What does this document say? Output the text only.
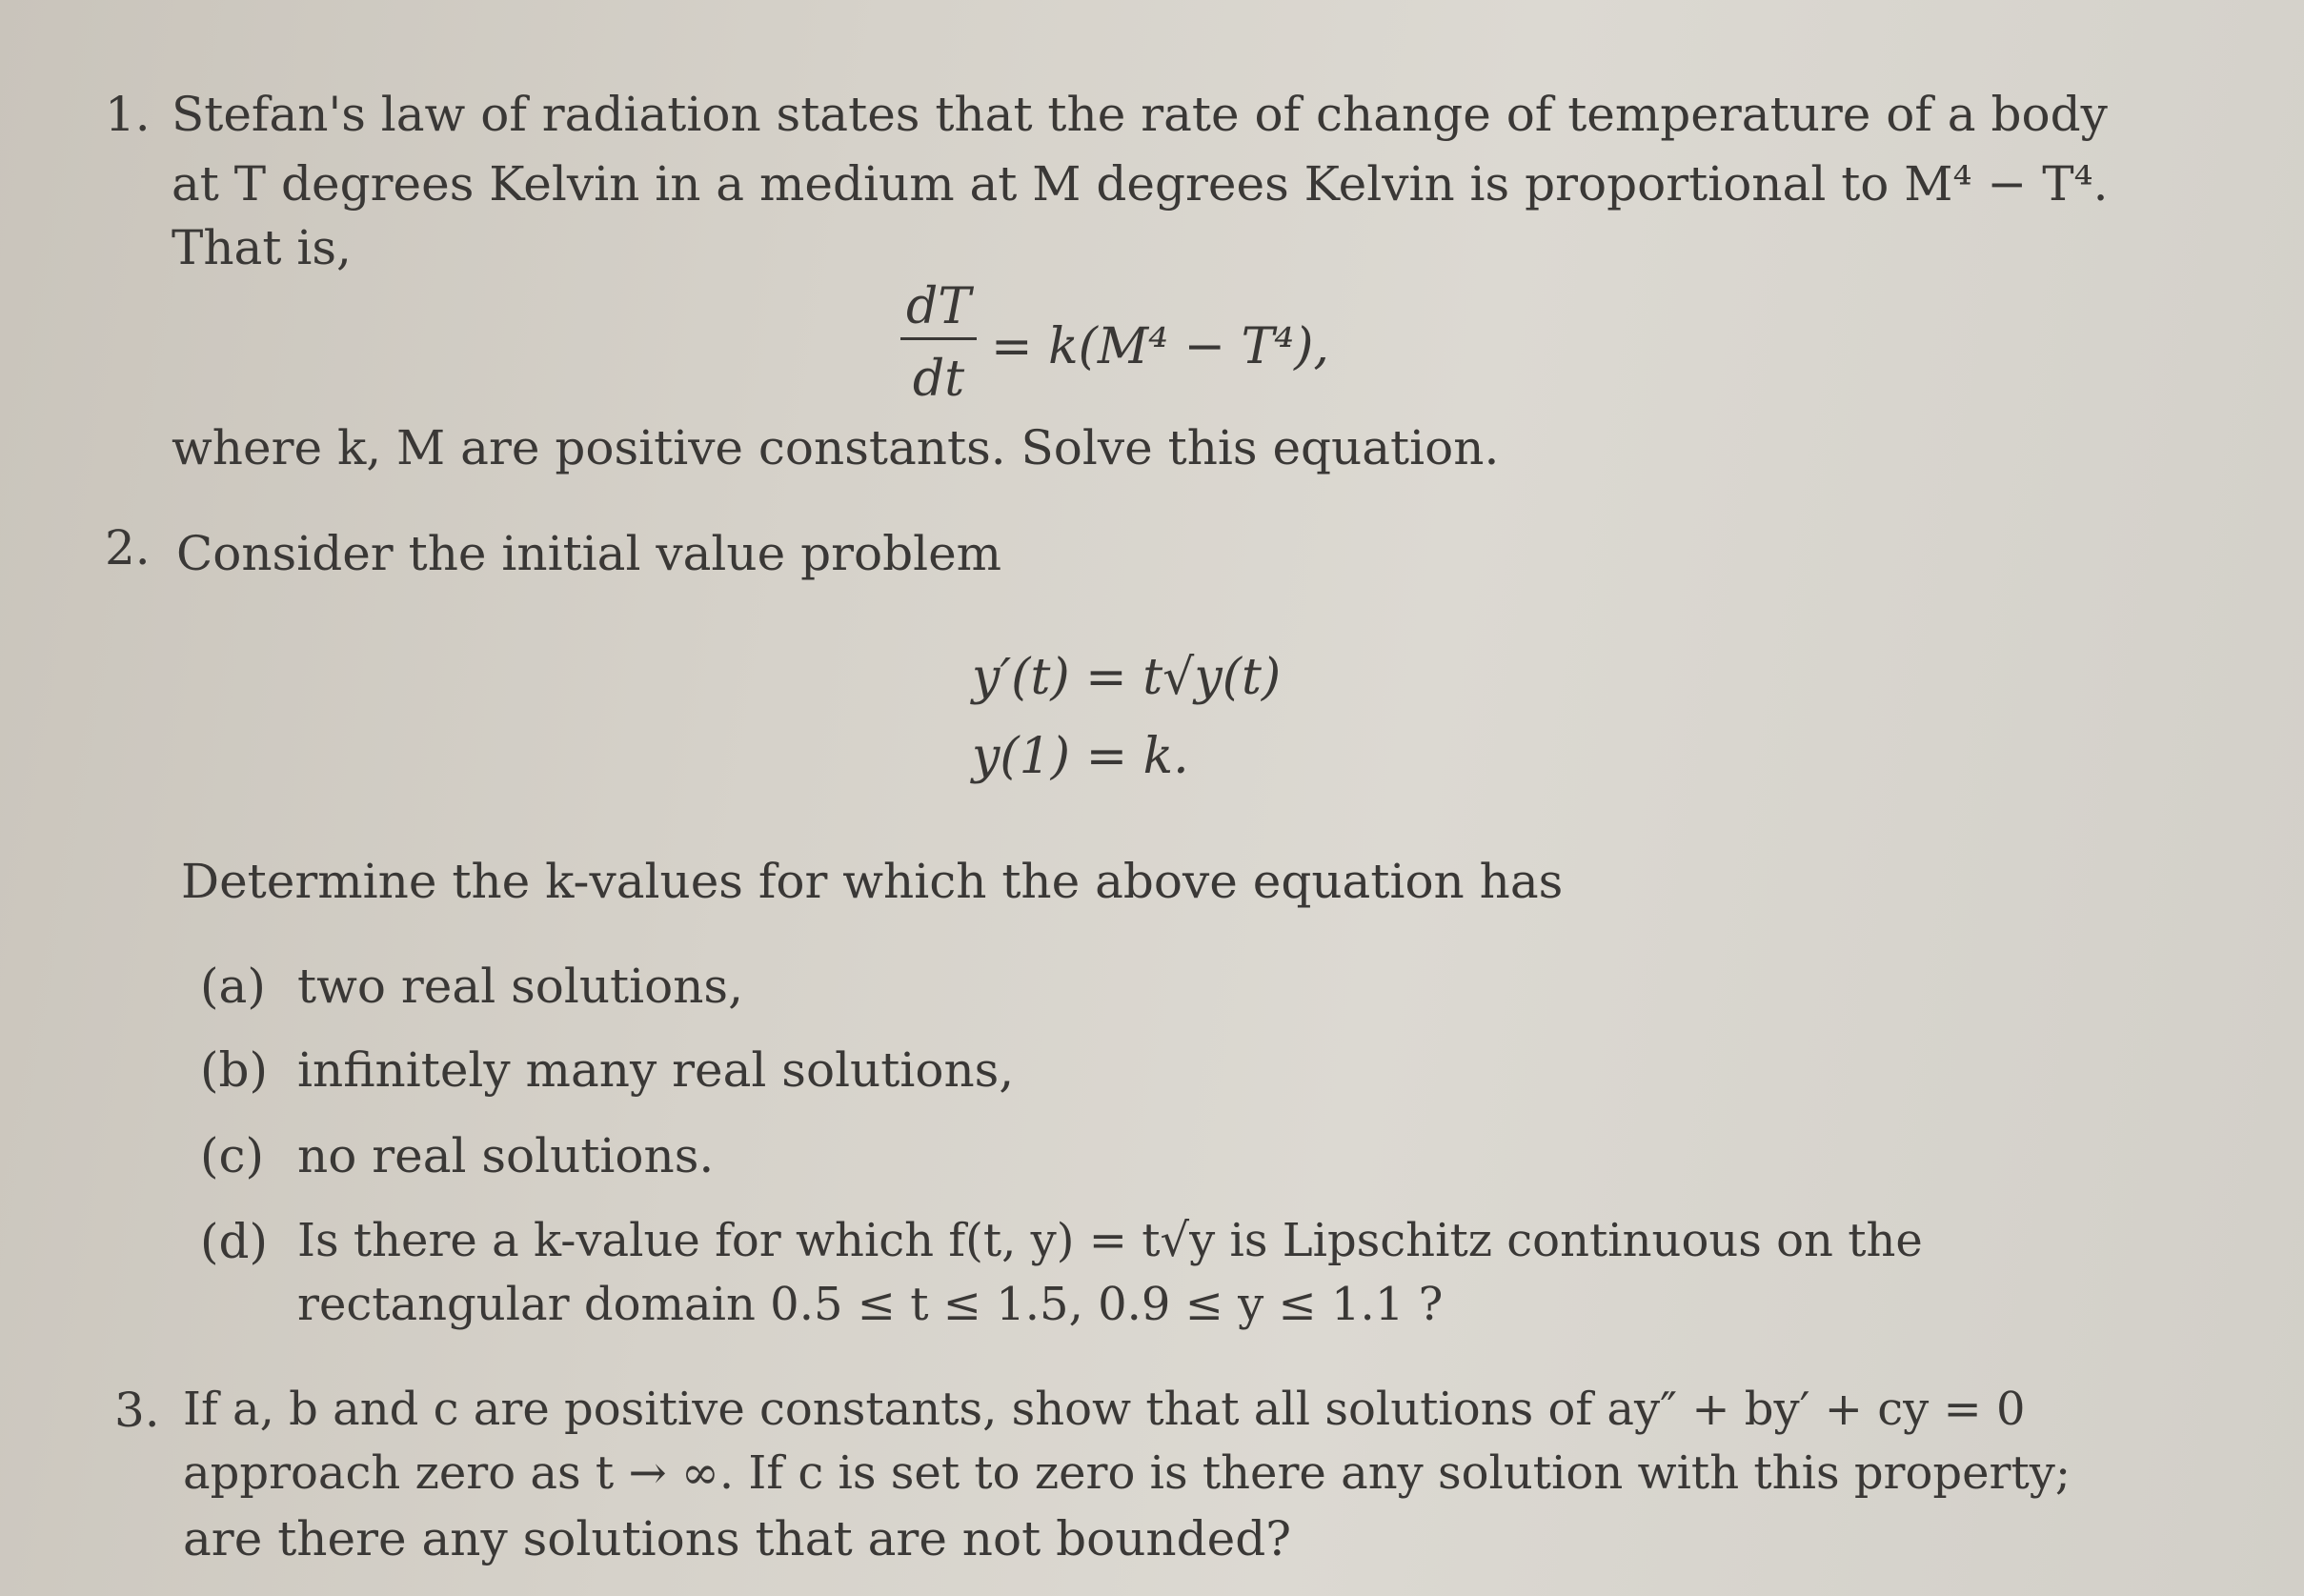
1. Stefan's law of radiation states that the rate of change of temperature of a body
at T degrees Kelvin in a medium at M degrees Kelvin is proportional to M⁴ − T⁴.
That is,
dT
dt
= k(M⁴ − T⁴),
where k, M are positive constants. Solve this equation.
2. Consider the initial value problem
y′(t) = t√y(t)
y(1) = k.
Determine the k-values for which the above equation has
(a) two real solutions,
(b) infinitely many real solutions,
(c) no real solutions.
(d) Is there a k-value for which f(t, y) = t√y is Lipschitz continuous on the
rectangular domain 0.5 ≤ t ≤ 1.5, 0.9 ≤ y ≤ 1.1 ?
3. If a, b and c are positive constants, show that all solutions of ay″ + by′ + cy = 0
approach zero as t → ∞. If c is set to zero is there any solution with this property;
are there any solutions that are not bounded?
